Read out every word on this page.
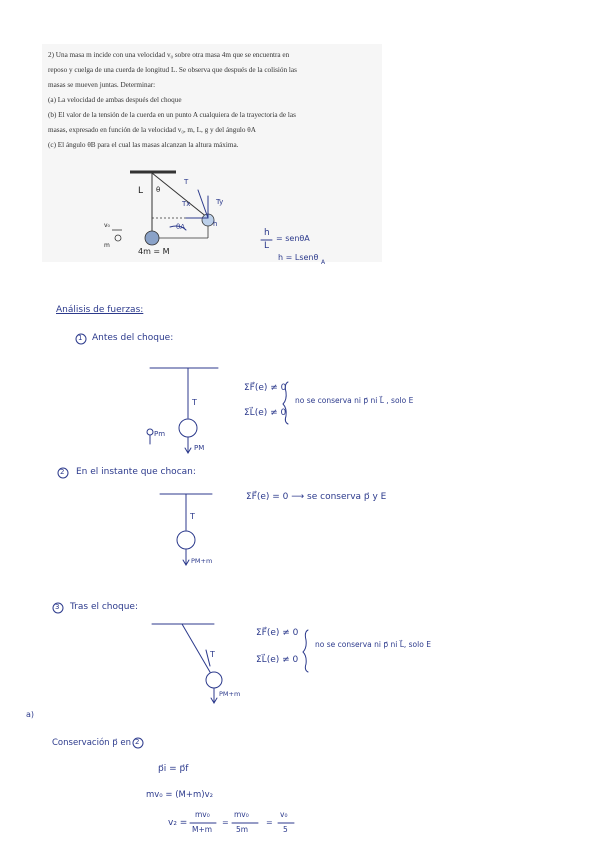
2) Una masa m incide con una velocidad v₀ sobre otra masa 4m que se encuentra en
reposo y cuelga de una cuerda de longitud L. Se observa que después de la colisión las
masas se mueven juntas. Determinar:
(a) La velocidad de ambas después del choque
(b) El valor de la tensión de la cuerda en un punto A cualquiera de la trayectoria de las
masas, expresado en función de la velocidad v₀, m, L, g y del ángulo θA
(c) El ángulo θB para el cual las masas alcanzan la altura máxima.
L θ
T
Tx	Ty
h
θA
v₀
m
4m = M
h
L
= senθA
h = Lsenθ
A
Análisis de fuerzas:
1 Antes del choque:
T
Pm
PM
ΣF⃗(e) ≠ 0
ΣL⃗(e) ≠ 0
no se conserva ni p⃗ ni L⃗ , solo E
2 En el instante que chocan:
T
PM+m
ΣF⃗(e) = 0 ⟶ se conserva p⃗ y E
3 Tras el choque:
T
PM+m
ΣF⃗(e) ≠ 0
ΣL⃗(e) ≠ 0
no se conserva ni p⃗ ni L⃗, solo E
a)
Conservación p⃗ en 2
p⃗i = p⃗f
mv₀ = (M+m)v₂
v₂ =
mv₀
M+m
=
mv₀
5m
=
v₀
5
